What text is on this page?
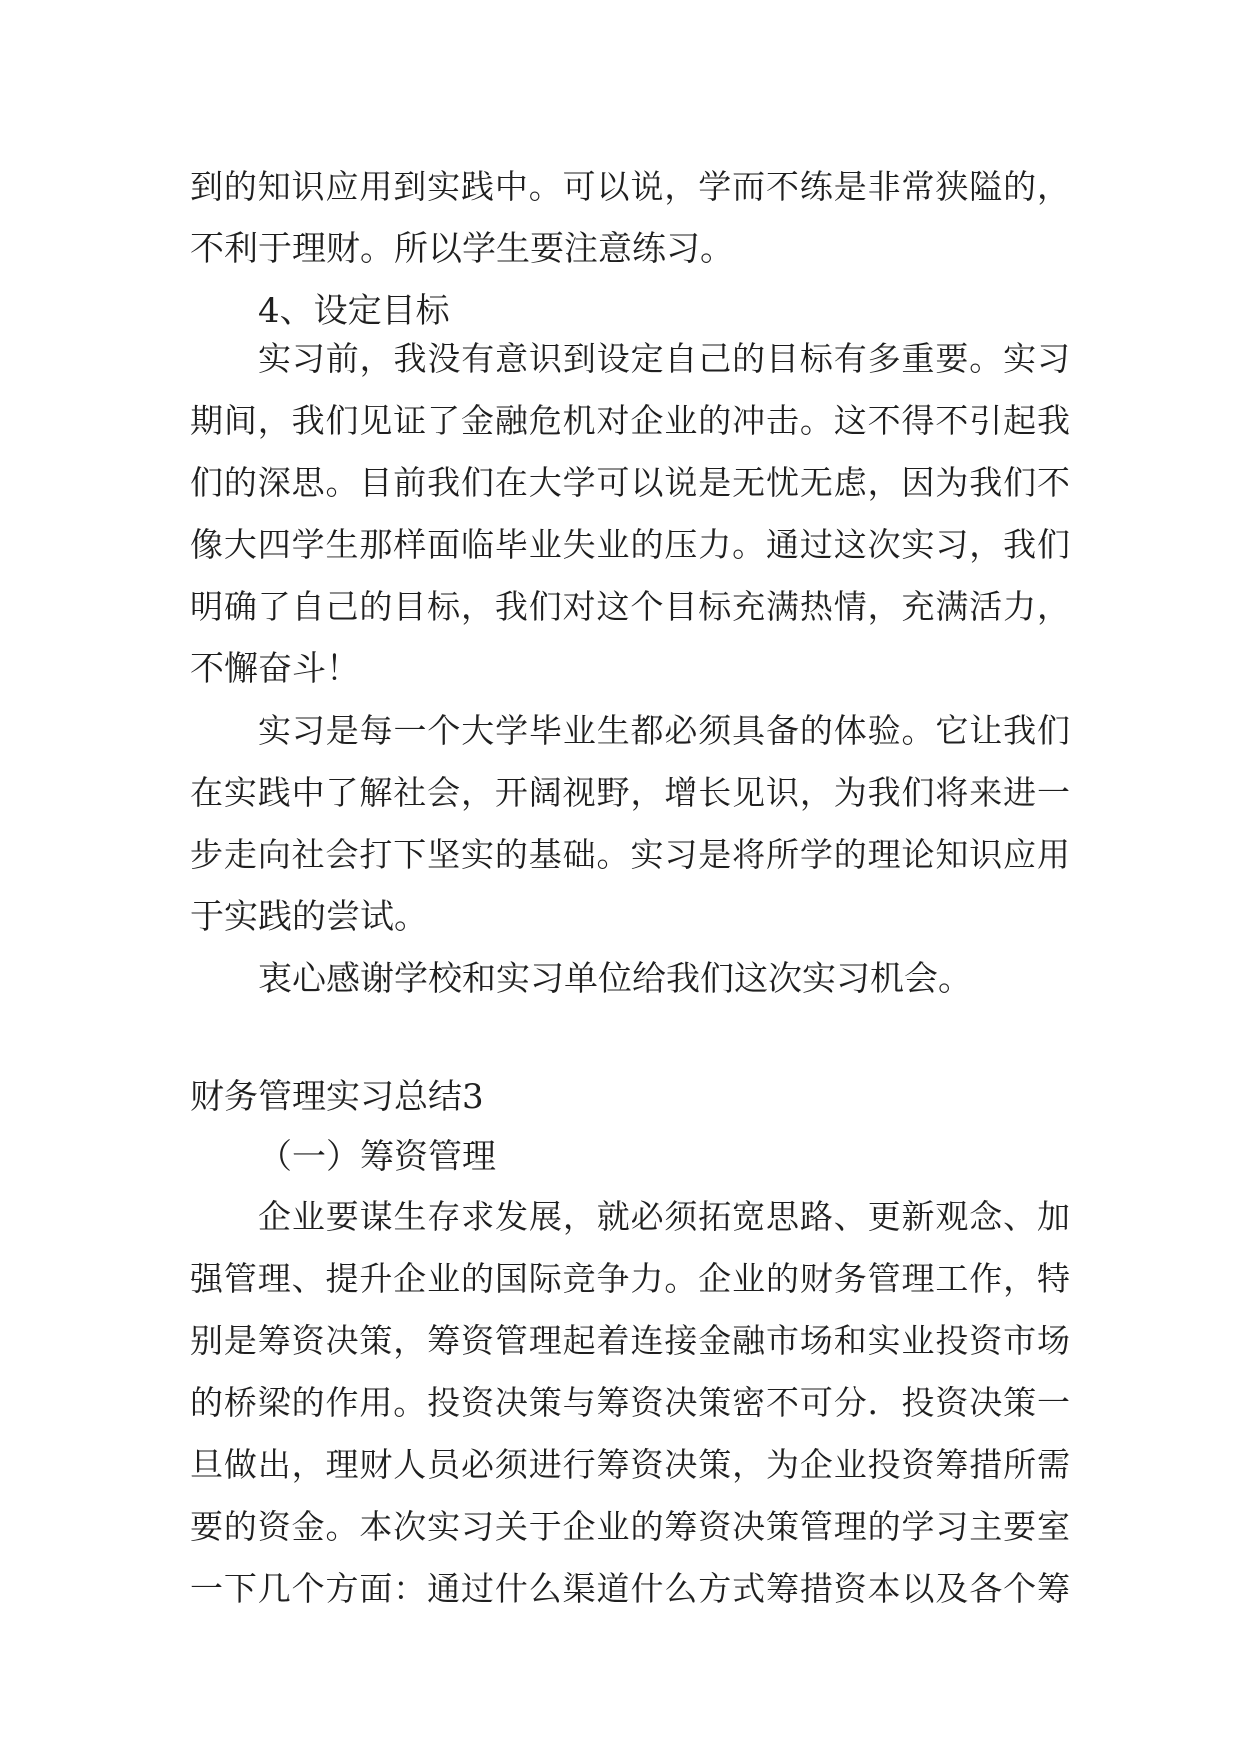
到的知识应用到实践中。可以说，学而不练是非常狭隘的，
不利于理财。所以学生要注意练习。
4、设定目标
实习前，我没有意识到设定自己的目标有多重要。实习
期间，我们见证了金融危机对企业的冲击。这不得不引起我
们的深思。目前我们在大学可以说是无忧无虑，因为我们不
像大四学生那样面临毕业失业的压力。通过这次实习，我们
明确了自己的目标，我们对这个目标充满热情，充满活力，
不懈奋斗！
实习是每一个大学毕业生都必须具备的体验。它让我们
在实践中了解社会，开阔视野，增长见识，为我们将来进一
步走向社会打下坚实的基础。实习是将所学的理论知识应用
于实践的尝试。
衷心感谢学校和实习单位给我们这次实习机会。
财务管理实习总结3
（一）筹资管理
企业要谋生存求发展，就必须拓宽思路、更新观念、加
强管理、提升企业的国际竞争力。企业的财务管理工作，特
别是筹资决策，筹资管理起着连接金融市场和实业投资市场
的桥梁的作用。投资决策与筹资决策密不可分．投资决策一
旦做出，理财人员必须进行筹资决策，为企业投资筹措所需
要的资金。本次实习关于企业的筹资决策管理的学习主要室
一下几个方面：通过什么渠道什么方式筹措资本以及各个筹
